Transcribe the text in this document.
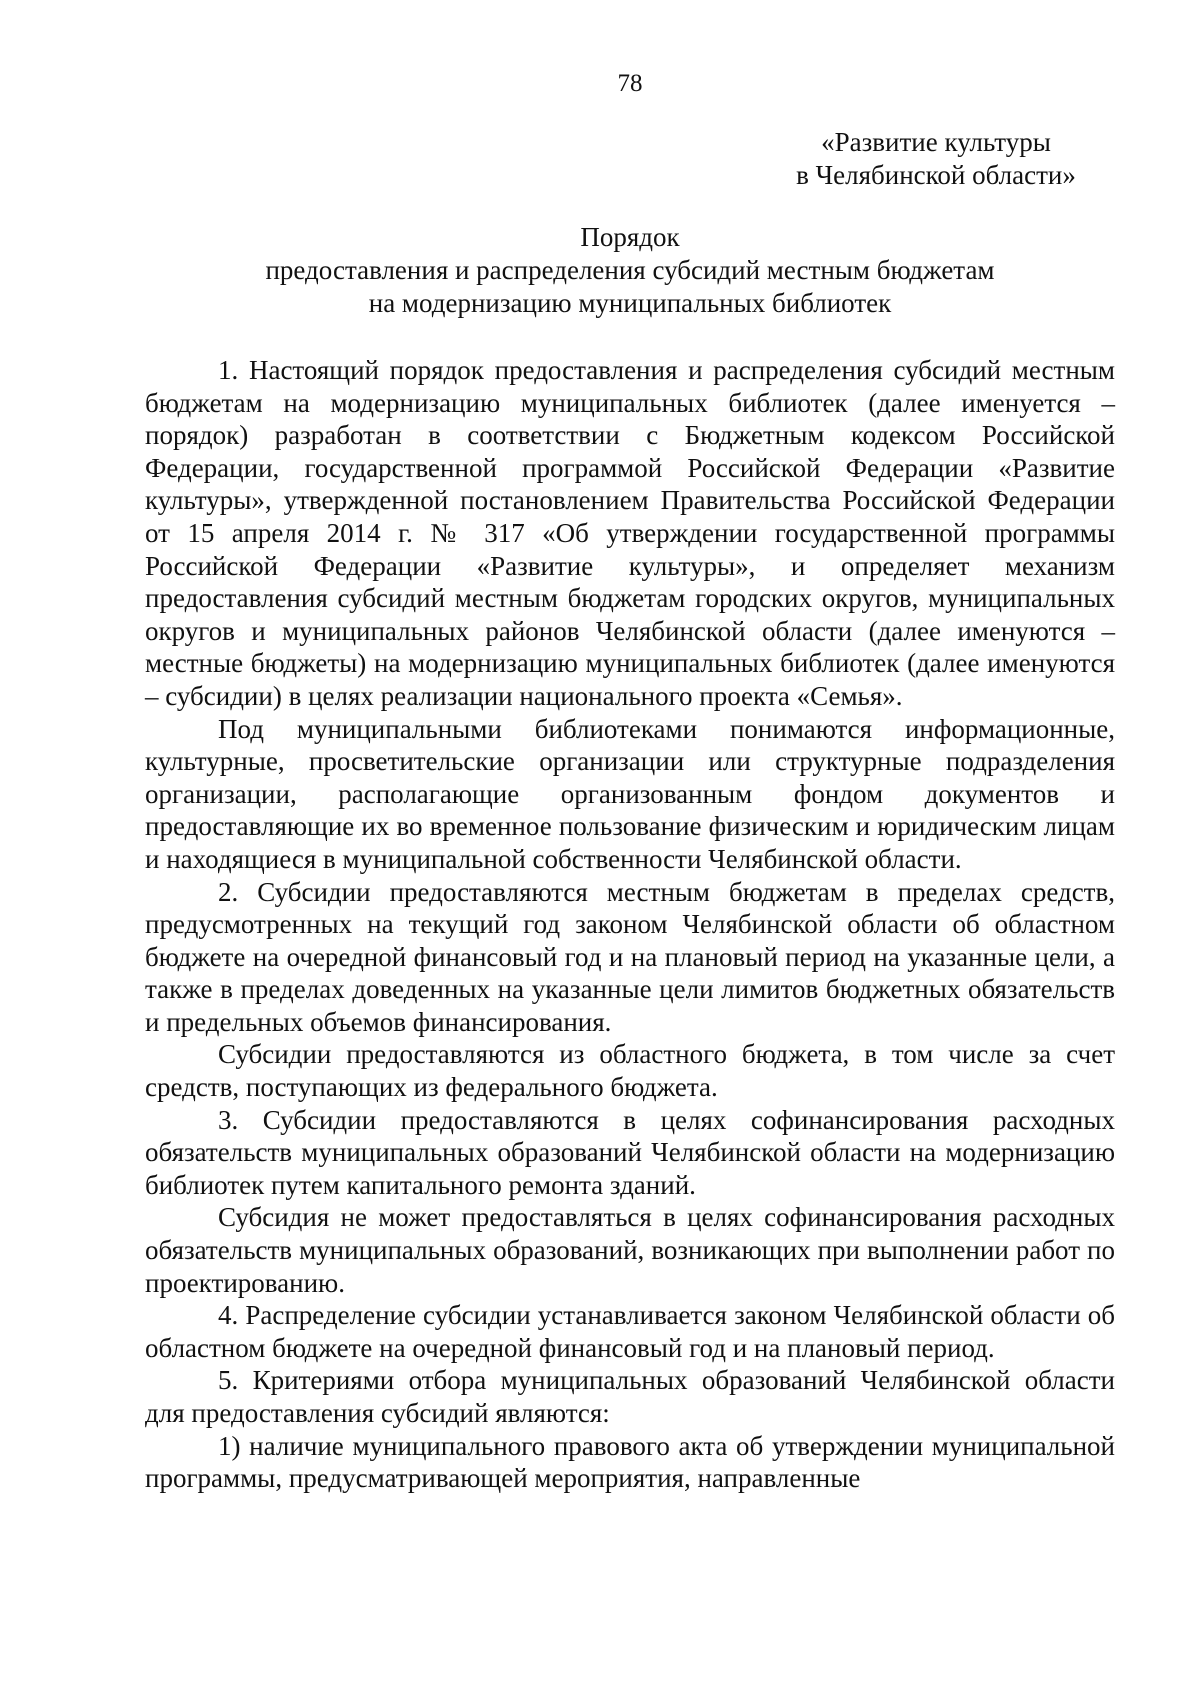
78
«Развитие культуры
в Челябинской области»
Порядок
предоставления и распределения субсидий местным бюджетам
на модернизацию муниципальных библиотек

1. Настоящий порядок предоставления и распределения субсидий местным бюджетам на модернизацию муниципальных библиотек (далее именуется – порядок) разработан в соответствии с Бюджетным кодексом Российской Федерации, государственной программой Российской Федерации «Развитие культуры», утвержденной постановлением Правительства Российской Федерации от 15 апреля 2014 г. № 317 «Об утверждении государственной программы Российской Федерации «Развитие культуры», и определяет механизм предоставления субсидий местным бюджетам городских округов, муниципальных округов и муниципальных районов Челябинской области (далее именуются – местные бюджеты) на модернизацию муниципальных библиотек (далее именуются – субсидии) в целях реализации национального проекта «Семья».

Под муниципальными библиотеками понимаются информационные, культурные, просветительские организации или структурные подразделения организации, располагающие организованным фондом документов и предоставляющие их во временное пользование физическим и юридическим лицам и находящиеся в муниципальной собственности Челябинской области.

2. Субсидии предоставляются местным бюджетам в пределах средств, предусмотренных на текущий год законом Челябинской области об областном бюджете на очередной финансовый год и на плановый период на указанные цели, а также в пределах доведенных на указанные цели лимитов бюджетных обязательств и предельных объемов финансирования.

Субсидии предоставляются из областного бюджета, в том числе за счет средств, поступающих из федерального бюджета.

3. Субсидии предоставляются в целях софинансирования расходных обязательств муниципальных образований Челябинской области на модернизацию библиотек путем капитального ремонта зданий.

Субсидия не может предоставляться в целях софинансирования расходных обязательств муниципальных образований, возникающих при выполнении работ по проектированию.

4. Распределение субсидии устанавливается законом Челябинской области об областном бюджете на очередной финансовый год и на плановый период.

5. Критериями отбора муниципальных образований Челябинской области для предоставления субсидий являются:

1) наличие муниципального правового акта об утверждении муниципальной программы, предусматривающей мероприятия, направленные
